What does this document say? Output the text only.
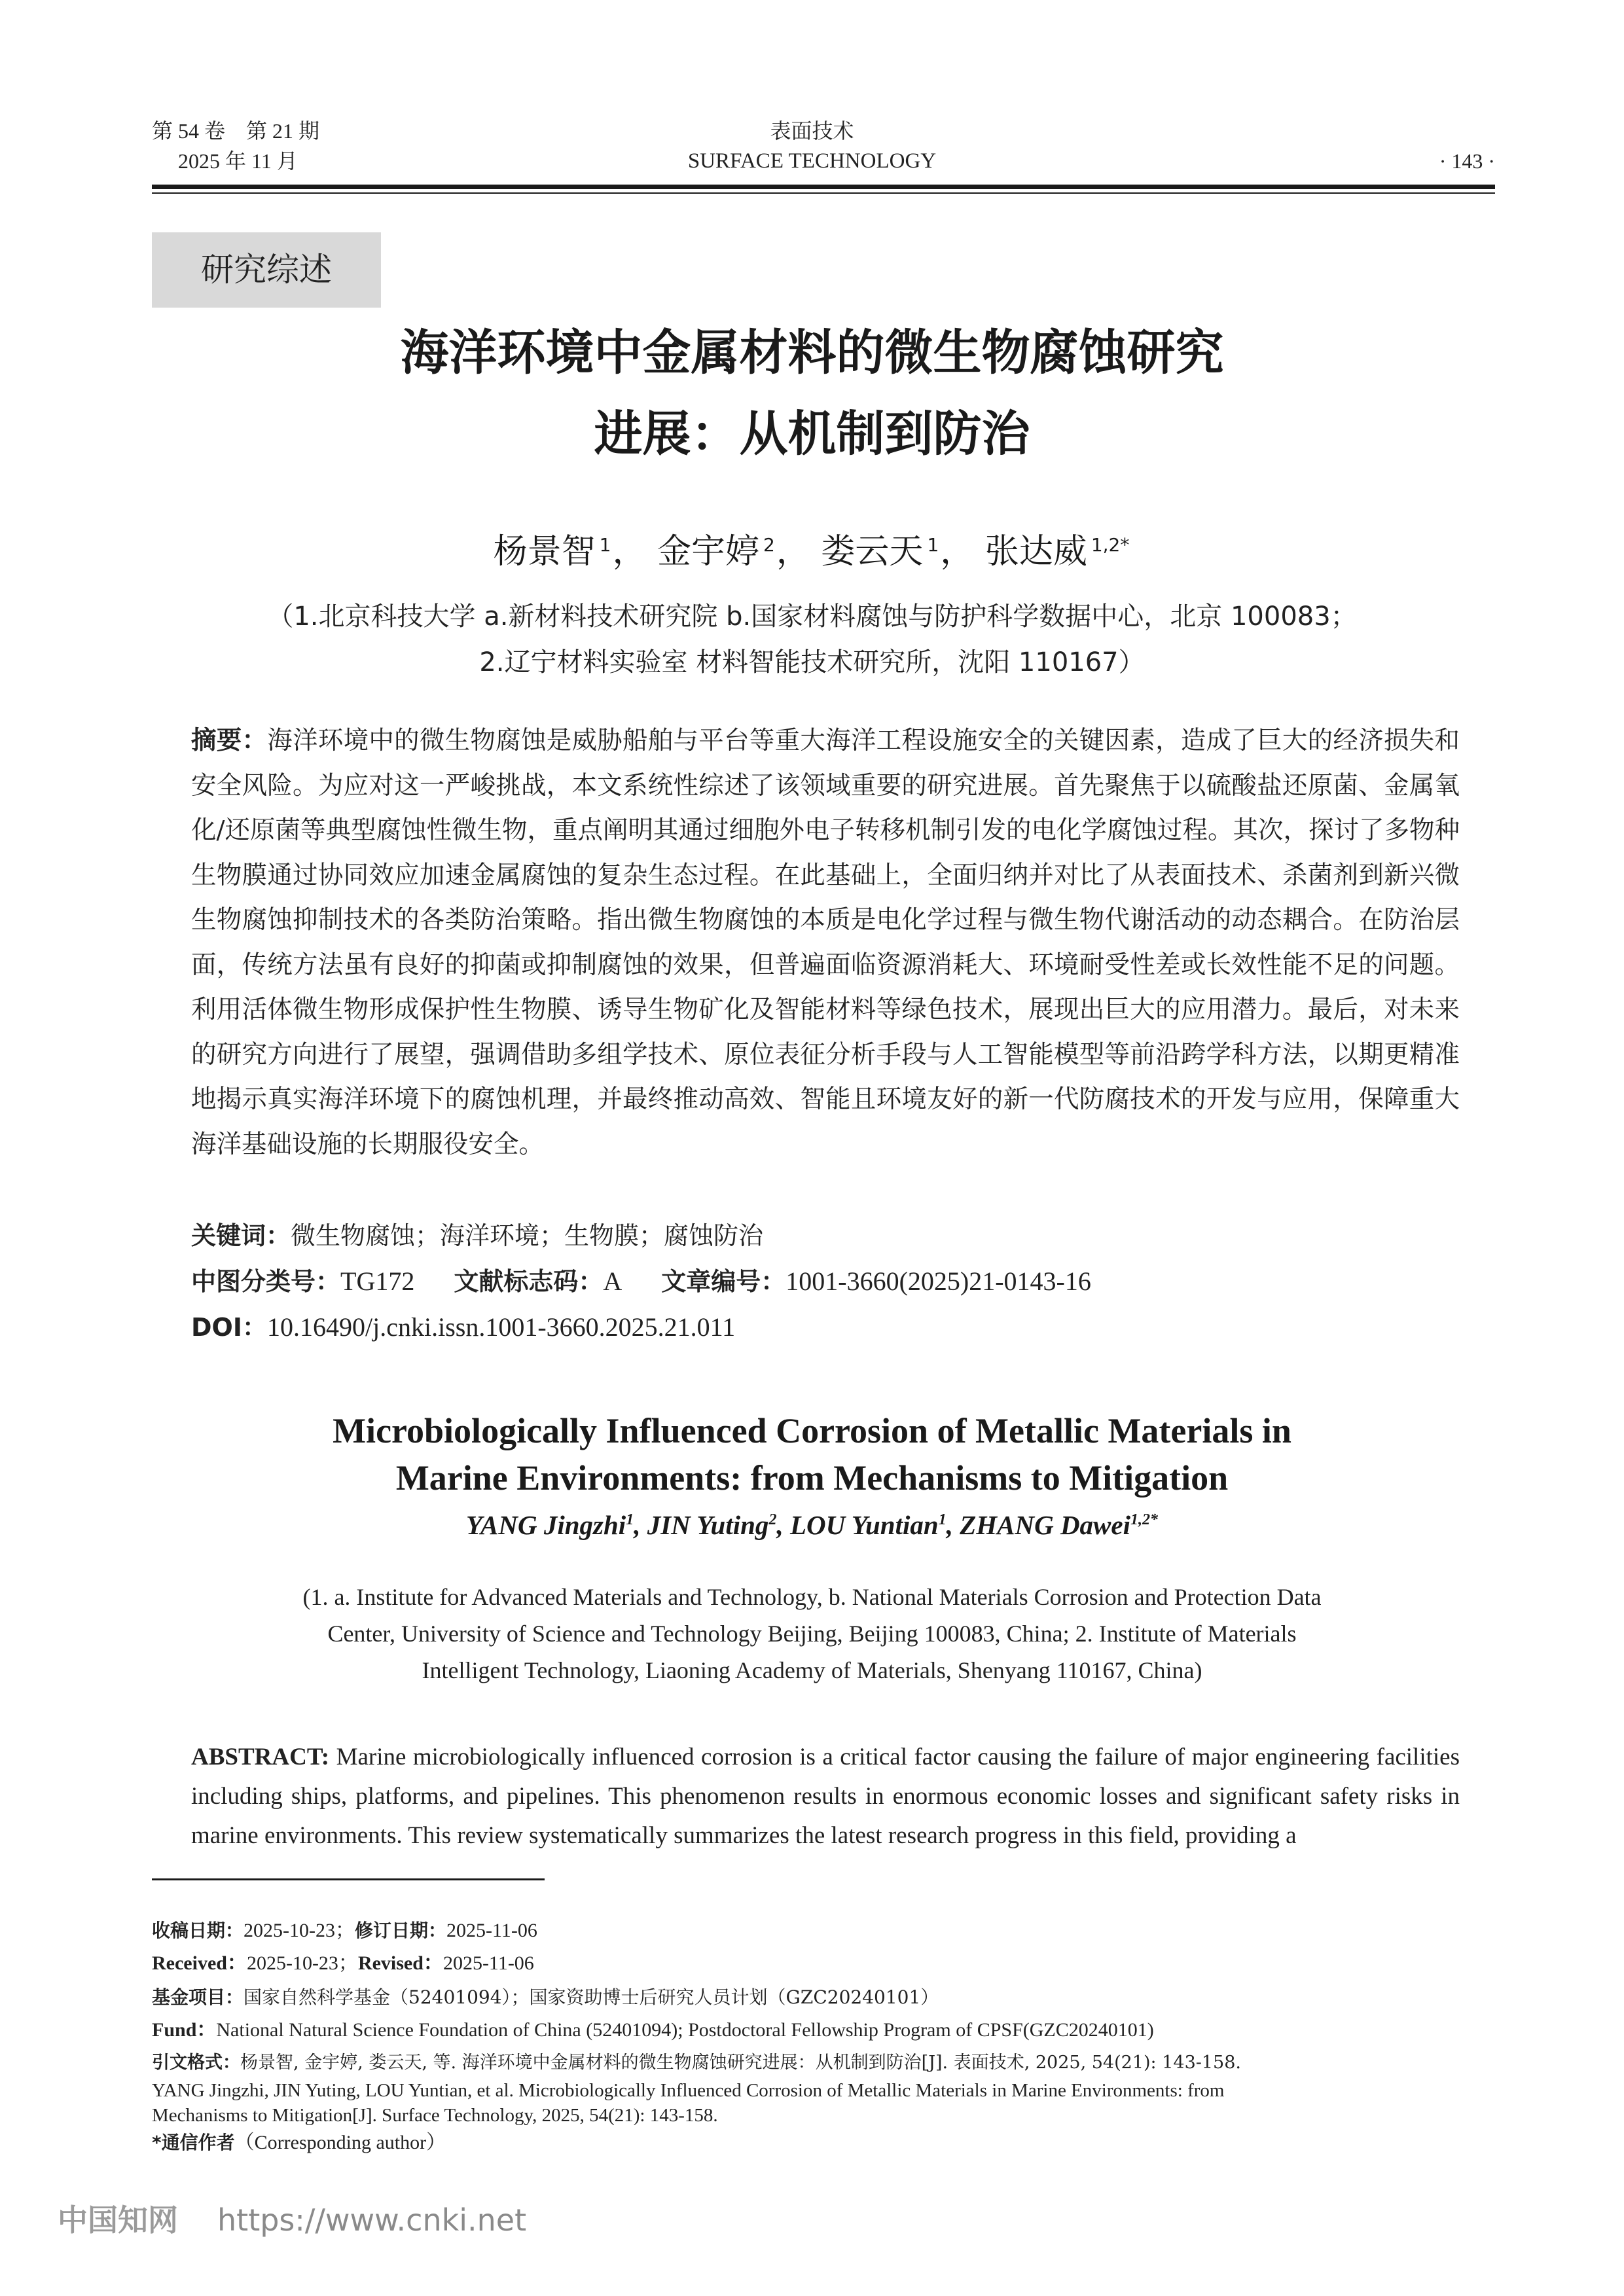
第 54 卷　第 21 期
2025 年 11 月
表面技术
SURFACE TECHNOLOGY	· 143 ·
研究综述
海洋环境中金属材料的微生物腐蚀研究
进展：从机制到防治
杨景智 $^1$， 金宇婷 $^2$， 娄云天 $^1$， 张达威 $^{1,2*}$
（1.北京科技大学 a.新材料技术研究院 b.国家材料腐蚀与防护科学数据中心，北京 100083；
2.辽宁材料实验室 材料智能技术研究所，沈阳 110167）
摘要：海洋环境中的微生物腐蚀是威胁船舶与平台等重大海洋工程设施安全的关键因素，造成了巨大的经济损失和安全风险。为应对这一严峻挑战，本文系统性综述了该领域重要的研究进展。首先聚焦于以硫酸盐还原菌、金属氧化/还原菌等典型腐蚀性微生物，重点阐明其通过细胞外电子转移机制引发的电化学腐蚀过程。其次，探讨了多物种生物膜通过协同效应加速金属腐蚀的复杂生态过程。在此基础上，全面归纳并对比了从表面技术、杀菌剂到新兴微生物腐蚀抑制技术的各类防治策略。指出微生物腐蚀的本质是电化学过程与微生物代谢活动的动态耦合。在防治层面，传统方法虽有良好的抑菌或抑制腐蚀的效果，但普遍面临资源消耗大、环境耐受性差或长效性能不足的问题。利用活体微生物形成保护性生物膜、诱导生物矿化及智能材料等绿色技术，展现出巨大的应用潜力。最后，对未来的研究方向进行了展望，强调借助多组学技术、原位表征分析手段与人工智能模型等前沿跨学科方法，以期更精准地揭示真实海洋环境下的腐蚀机理，并最终推动高效、智能且环境友好的新一代防腐技术的开发与应用，保障重大海洋基础设施的长期服役安全。
关键词：微生物腐蚀；海洋环境；生物膜；腐蚀防治
中图分类号：TG172 文献标志码：A 文章编号：1001-3660(2025)21-0143-16
DOI：10.16490/j.cnki.issn.1001-3660.2025.21.011
Microbiologically Influenced Corrosion of Metallic Materials in
Marine Environments: from Mechanisms to Mitigation
YANG Jingzhi$^1$, JIN Yuting$^2$, LOU Yuntian$^1$, ZHANG Dawei$^{1,2*}$
(1. a. Institute for Advanced Materials and Technology, b. National Materials Corrosion and Protection Data
Center, University of Science and Technology Beijing, Beijing 100083, China; 2. Institute of Materials
Intelligent Technology, Liaoning Academy of Materials, Shenyang 110167, China)
ABSTRACT: Marine microbiologically influenced corrosion is a critical factor causing the failure of major engineering facilities including ships, platforms, and pipelines. This phenomenon results in enormous economic losses and significant safety risks in marine environments. This review systematically summarizes the latest research progress in this field, providing a
收稿日期：2025-10-23；修订日期：2025-11-06
Received：2025-10-23；Revised：2025-11-06
基金项目：国家自然科学基金（52401094）；国家资助博士后研究人员计划（GZC20240101）
Fund：National Natural Science Foundation of China (52401094); Postdoctoral Fellowship Program of CPSF(GZC20240101)
引文格式：杨景智, 金宇婷, 娄云天, 等. 海洋环境中金属材料的微生物腐蚀研究进展：从机制到防治[J]. 表面技术, 2025, 54(21): 143-158.
YANG Jingzhi, JIN Yuting, LOU Yuntian, et al. Microbiologically Influenced Corrosion of Metallic Materials in Marine Environments: from
Mechanisms to Mitigation[J]. Surface Technology, 2025, 54(21): 143-158.
*通信作者（Corresponding author）
中国知网 https://www.cnki.net
